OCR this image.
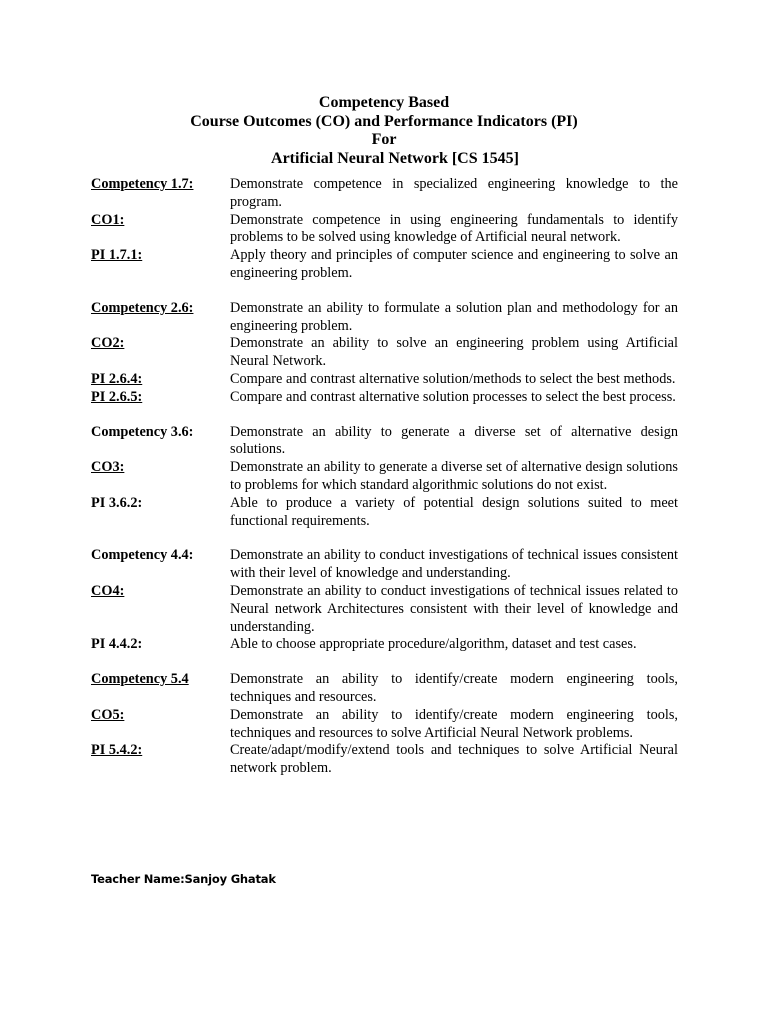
Competency Based
Course Outcomes (CO) and Performance Indicators (PI)
For
Artificial Neural Network [CS 1545]
Competency 1.7:	Demonstrate competence in specialized engineering knowledge to the program.
CO1:	Demonstrate competence in using engineering fundamentals to identify problems to be solved using knowledge of Artificial neural network.
PI 1.7.1:	Apply theory and principles of computer science and engineering to solve an engineering problem.
Competency 2.6:	Demonstrate an ability to formulate a solution plan and methodology for an engineering problem.
CO2:	Demonstrate an ability to solve an engineering problem using Artificial Neural Network.
PI 2.6.4:	Compare and contrast alternative solution/methods to select the best methods.
PI 2.6.5:	Compare and contrast alternative solution processes to select the best process.
Competency 3.6:	Demonstrate an ability to generate a diverse set of alternative design solutions.
CO3:	Demonstrate an ability to generate a diverse set of alternative design solutions to problems for which standard algorithmic solutions do not exist.
PI 3.6.2:	Able to produce a variety of potential design solutions suited to meet functional requirements.
Competency 4.4:	Demonstrate an ability to conduct investigations of technical issues consistent with their level of knowledge and understanding.
CO4:	Demonstrate an ability to conduct investigations of technical issues related to Neural network Architectures consistent with their level of knowledge and understanding.
PI 4.4.2:	Able to choose appropriate procedure/algorithm, dataset and test cases.
Competency 5.4	Demonstrate an ability to identify/create modern engineering tools, techniques and resources.
CO5:	Demonstrate an ability to identify/create modern engineering tools, techniques and resources to solve Artificial Neural Network problems.
PI 5.4.2:	Create/adapt/modify/extend tools and techniques to solve Artificial Neural network problem.
Teacher Name:Sanjoy Ghatak
